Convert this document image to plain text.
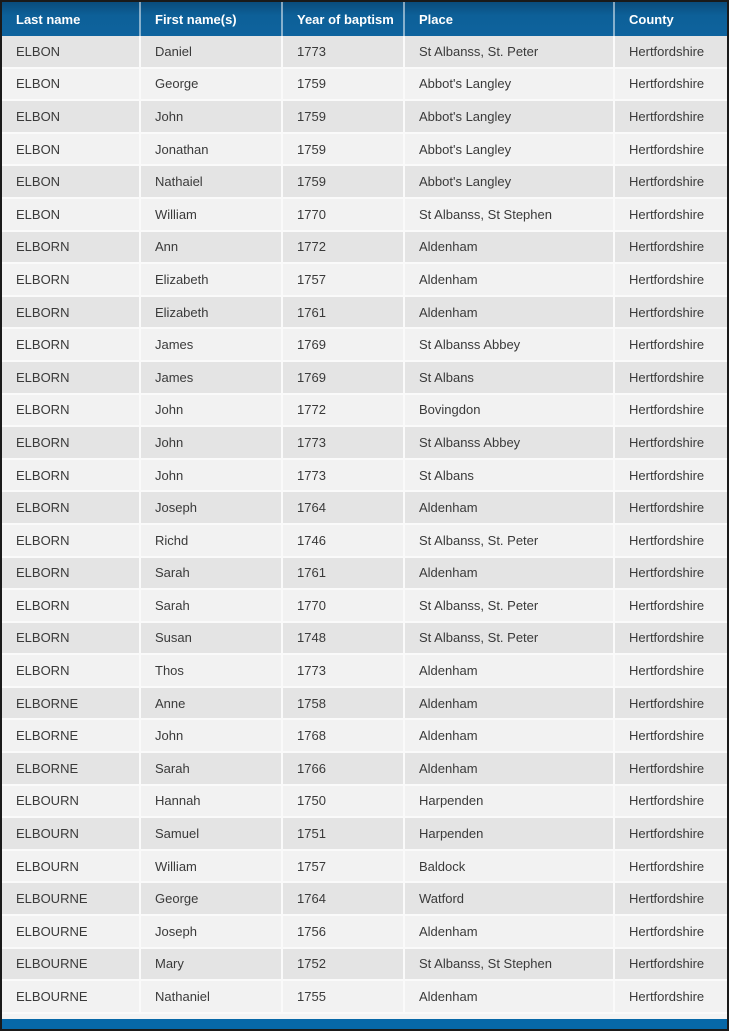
Last name	First name(s)	Year of baptism	Place	County
ELBON	Daniel	1773	St Albanss, St. Peter	Hertfordshire
ELBON	George	1759	Abbot's Langley	Hertfordshire
ELBON	John	1759	Abbot's Langley	Hertfordshire
ELBON	Jonathan	1759	Abbot's Langley	Hertfordshire
ELBON	Nathaiel	1759	Abbot's Langley	Hertfordshire
ELBON	William	1770	St Albanss, St Stephen	Hertfordshire
ELBORN	Ann	1772	Aldenham	Hertfordshire
ELBORN	Elizabeth	1757	Aldenham	Hertfordshire
ELBORN	Elizabeth	1761	Aldenham	Hertfordshire
ELBORN	James	1769	St Albanss Abbey	Hertfordshire
ELBORN	James	1769	St Albans	Hertfordshire
ELBORN	John	1772	Bovingdon	Hertfordshire
ELBORN	John	1773	St Albanss Abbey	Hertfordshire
ELBORN	John	1773	St Albans	Hertfordshire
ELBORN	Joseph	1764	Aldenham	Hertfordshire
ELBORN	Richd	1746	St Albanss, St. Peter	Hertfordshire
ELBORN	Sarah	1761	Aldenham	Hertfordshire
ELBORN	Sarah	1770	St Albanss, St. Peter	Hertfordshire
ELBORN	Susan	1748	St Albanss, St. Peter	Hertfordshire
ELBORN	Thos	1773	Aldenham	Hertfordshire
ELBORNE	Anne	1758	Aldenham	Hertfordshire
ELBORNE	John	1768	Aldenham	Hertfordshire
ELBORNE	Sarah	1766	Aldenham	Hertfordshire
ELBOURN	Hannah	1750	Harpenden	Hertfordshire
ELBOURN	Samuel	1751	Harpenden	Hertfordshire
ELBOURN	William	1757	Baldock	Hertfordshire
ELBOURNE	George	1764	Watford	Hertfordshire
ELBOURNE	Joseph	1756	Aldenham	Hertfordshire
ELBOURNE	Mary	1752	St Albanss, St Stephen	Hertfordshire
ELBOURNE	Nathaniel	1755	Aldenham	Hertfordshire
